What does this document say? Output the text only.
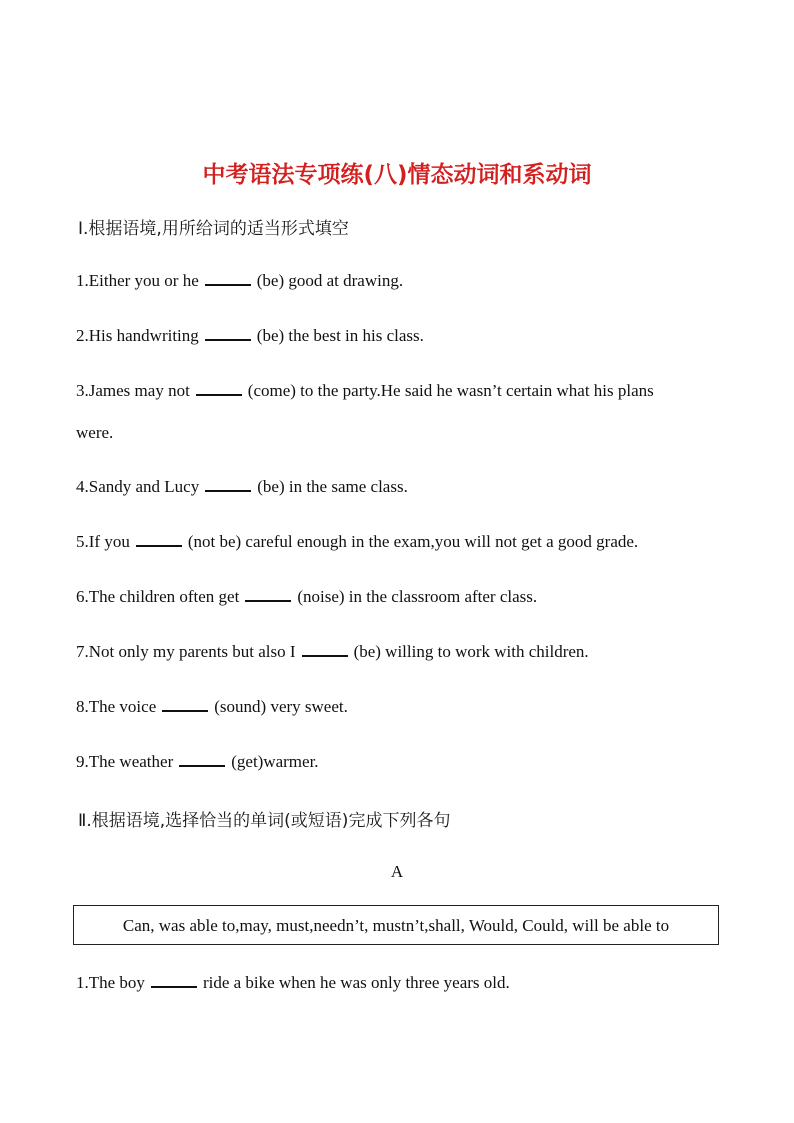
中考语法专项练(八)情态动词和系动词
Ⅰ.根据语境,用所给词的适当形式填空
1.Either you or he	(be) good at drawing.
2.His handwriting	(be) the best in his class.
3.James may not	(come) to the party.He said he wasn’t certain what his plans
were.
4.Sandy and Lucy	(be) in the same class.
5.If you	(not be) careful enough in the exam,you will not get a good grade.
6.The children often get	(noise) in the classroom after class.
7.Not only my parents but also I	(be) willing to work with children.
8.The voice	(sound) very sweet.
9.The weather	(get)warmer.
Ⅱ.根据语境,选择恰当的单词(或短语)完成下列各句
A
Can, was able to,may, must,needn’t, mustn’t,shall, Would, Could, will be able to
1.The boy	ride a bike when he was only three years old.
